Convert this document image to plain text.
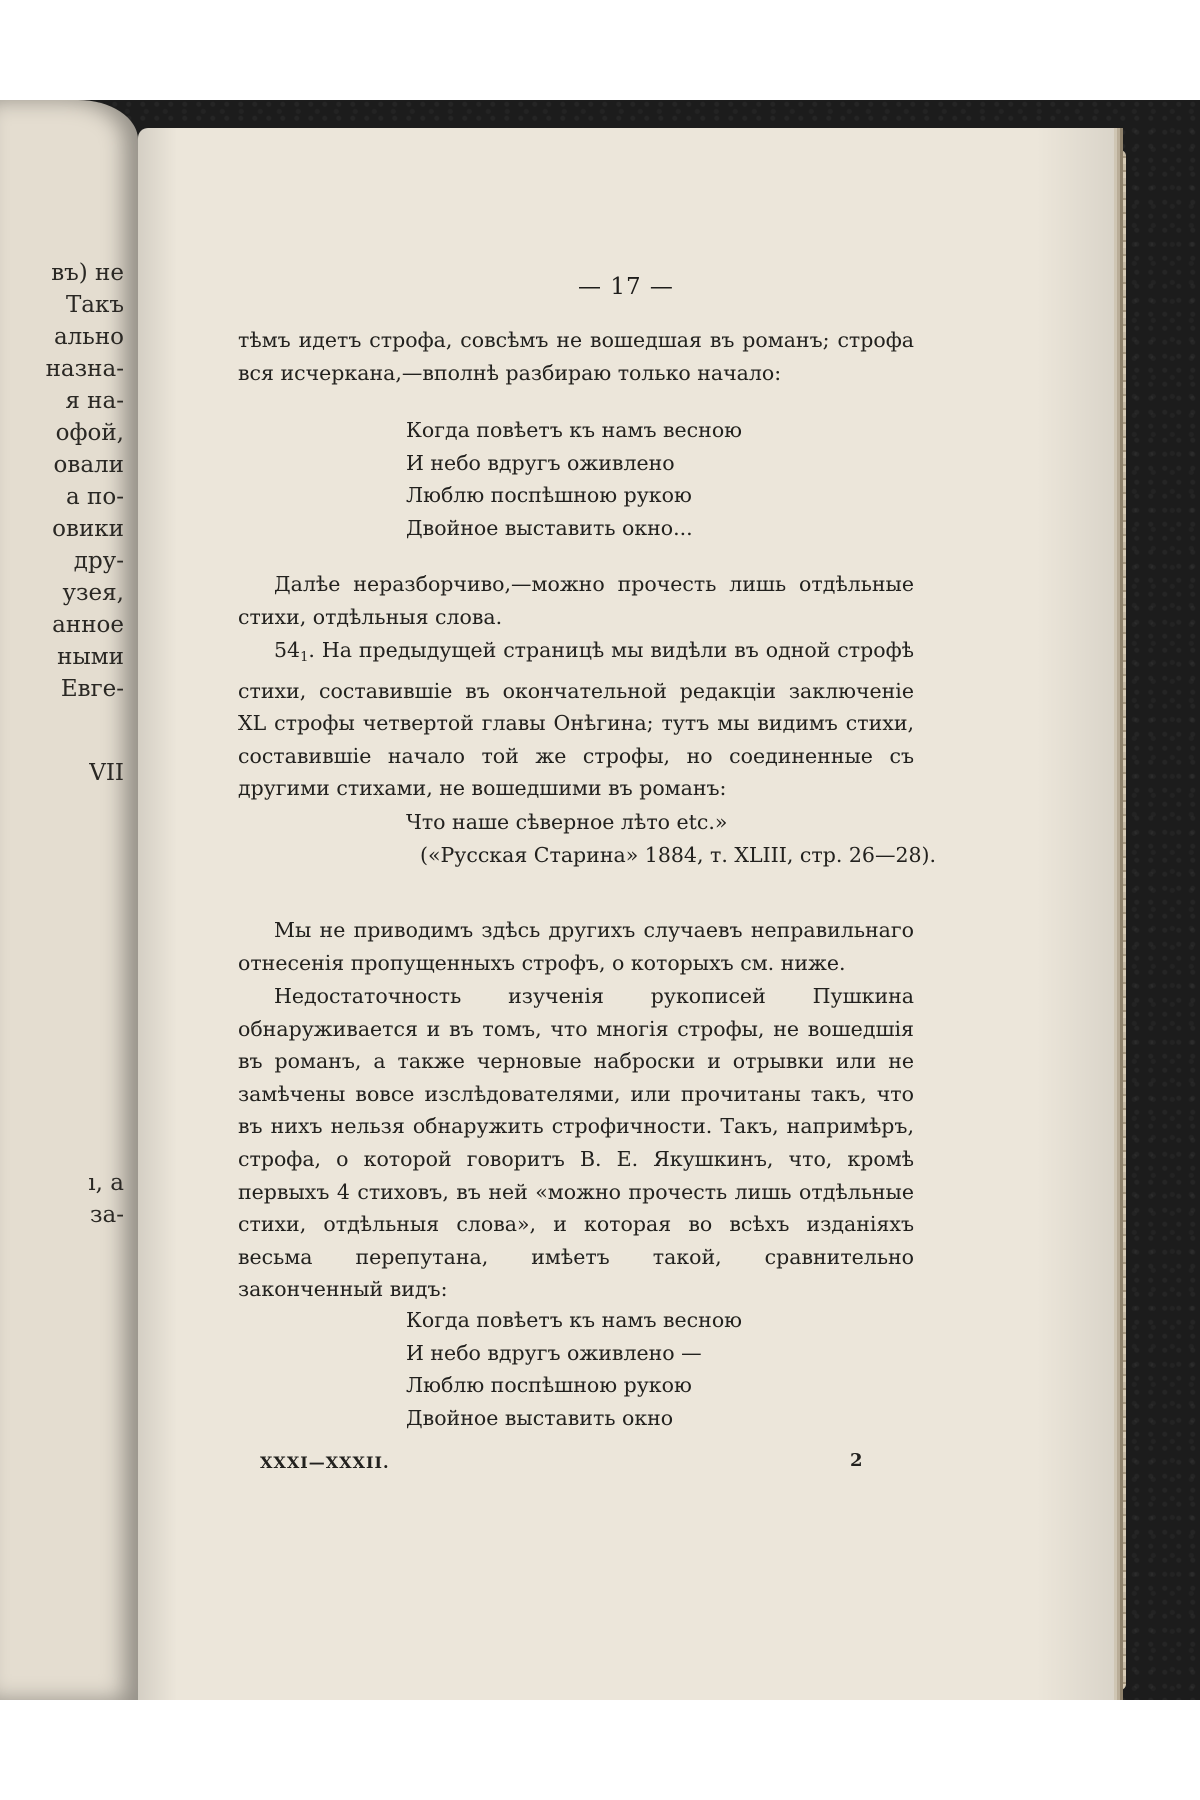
въ) не
Такъ
ально
назна-
я на-
офой,
овали
а по-
овики
дру-
узея,
анное
ными
Евге-
VII
ı, а
за-
— 17 —

тѣмъ идетъ строфа, совсѣмъ не вошедшая въ романъ; строфа вся исчеркана,—вполнѣ разбираю только начало:

Когда повѣетъ къ намъ весною
И небо вдругъ оживлено
Люблю поспѣшною рукою
Двойное выставить окно...

Далѣе неразборчиво,—можно прочесть лишь отдѣльные стихи, отдѣльныя слова.

$54_1$. На предыдущей страницѣ мы видѣли въ одной строфѣ стихи, составившіе въ окончательной редакціи заключеніе XL строфы четвертой главы Онѣгина; тутъ мы видимъ стихи, составившіе начало той же строфы, но соединенные съ другими стихами, не вошедшими въ романъ:

Что наше сѣверное лѣто etc.»
(«Русская Старина» 1884, т. XLIII, стр. 26—28).

Мы не приводимъ здѣсь другихъ случаевъ неправильнаго отнесенія пропущенныхъ строфъ, о которыхъ см. ниже.

Недостаточность изученія рукописей Пушкина обнаруживается и въ томъ, что многія строфы, не вошедшія въ романъ, а также черновые наброски и отрывки или не замѣчены вовсе изслѣдователями, или прочитаны такъ, что въ нихъ нельзя обнаружить строфичности. Такъ, напримѣръ, строфа, о которой говоритъ В. Е. Якушкинъ, что, кромѣ первыхъ 4 стиховъ, въ ней «можно прочесть лишь отдѣльные стихи, отдѣльныя слова», и которая во всѣхъ изданіяхъ весьма перепутана, имѣетъ такой, сравнительно законченный видъ:

Когда повѣетъ къ намъ весною
И небо вдругъ оживлено —
Люблю поспѣшною рукою
Двойное выставить окно
XXXI—XXXII.	2
